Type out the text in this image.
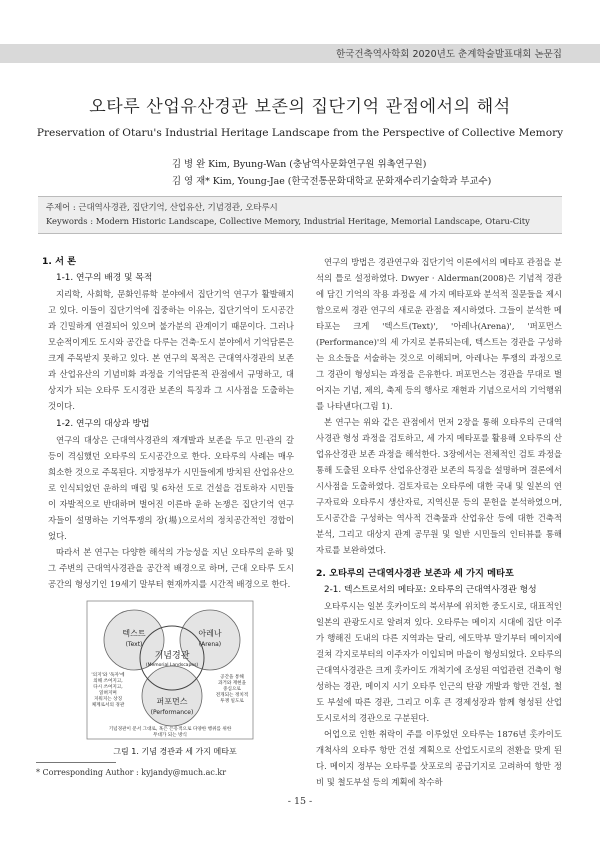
한국건축역사학회 2020년도 춘계학술발표대회 논문집
오타루 산업유산경관 보존의 집단기억 관점에서의 해석
Preservation of Otaru's Industrial Heritage Landscape from the Perspective of Collective Memory
김 병 완 Kim, Byung-Wan (충남역사문화연구원 위촉연구원)
김 영 재* Kim, Young-Jae (한국전통문화대학교 문화재수리기술학과 부교수)
주제어 : 근대역사경관, 집단기억, 산업유산, 기념경관, 오타루시
Keywords : Modern Historic Landscape, Collective Memory, Industrial Heritage, Memorial Landscape, Otaru-City
1. 서 론
1-1. 연구의 배경 및 목적

지리학, 사회학, 문화인류학 분야에서 집단기억 연구가 활발해지고 있다. 이들이 집단기억에 집중하는 이유는, 집단기억이 도시공간과 긴밀하게 연결되어 있으며 불가분의 관계이기 때문이다. 그러나 모순적이게도 도시와 공간을 다루는 건축·도시 분야에서 기억담론은 크게 주목받지 못하고 있다. 본 연구의 목적은 근대역사경관의 보존과 산업유산의 기념비화 과정을 기억담론적 관점에서 규명하고, 대상지가 되는 오타루 도시경관 보존의 특징과 그 시사점을 도출하는 것이다.

1-2. 연구의 대상과 방법

연구의 대상은 근대역사경관의 재개발과 보존을 두고 민·관의 갈등이 격심했던 오타루의 도시공간으로 한다. 오타루의 사례는 매우 희소한 것으로 주목된다. 지방정부가 시민들에게 방치된 산업유산으로 인식되었던 운하의 매립 및 6차선 도로 건설을 검토하자 시민들이 자발적으로 반대하며 벌어진 이른바 운하 논쟁은 집단기억 연구자들이 설명하는 기억투쟁의 장(場)으로서의 정치공간적인 경합이었다.

따라서 본 연구는 다양한 해석의 가능성을 지닌 오타루의 운하 및 그 주변의 근대역사경관을 공간적 배경으로 하며, 근대 오타루 도시공간의 형성기인 19세기 말부터 현재까지를 시간적 배경으로 한다.

텍스트
(Text)
아레나
(Arena)
기념경관
(Memorial Landscapes)
퍼포먼스
(Performance)
'의지'와 '독자'에
의해 쓰여지고,
다시 쓰여지고,
읽혀지며
지워지는 상징
체계로서의 경관
공간을 통해
과거와 재현을
중심으로
전개되는 정치적
투쟁 일도로
기념경관이 문서 그대로, 혹은 은유적으로 다양한 행위를 위한
무대가 되는 방식
그림 1. 기념 경관과 세 가지 메타포
* Corresponding Author : kyjandy@much.ac.kr

연구의 방법은 경관연구와 집단기억 이론에서의 메타포 관점을 분석의 틀로 설정하였다. Dwyer · Alderman(2008)은 기념적 경관에 담긴 기억의 작용 과정을 세 가지 메타포와 분석적 질문들을 제시함으로써 경관 연구의 새로운 관점을 제시하였다. 그들이 분석한 메타포는 크게 '텍스트(Text)', '아레나(Arena)', '퍼포먼스(Performance)'의 세 가지로 분류되는데, 텍스트는 경관을 구성하는 요소들을 서술하는 것으로 이해되며, 아레나는 투쟁의 과정으로 그 경관이 형성되는 과정을 은유한다. 퍼포먼스는 경관을 무대로 벌어지는 기념, 제의, 축제 등의 행사로 재현과 기념으로서의 기억행위를 나타낸다(그림 1).

본 연구는 위와 같은 관점에서 먼저 2장을 통해 오타루의 근대역사경관 형성 과정을 검토하고, 세 가지 메타포를 활용해 오타루의 산업유산경관 보존 과정을 해석한다. 3장에서는 전체적인 검토 과정을 통해 도출된 오타루 산업유산경관 보존의 특징을 설명하며 결론에서 시사점을 도출하였다. 검토자료는 오타루에 대한 국내 및 일본의 연구자료와 오타루시 생산자료, 지역신문 등의 문헌을 분석하였으며, 도시공간을 구성하는 역사적 건축물과 산업유산 등에 대한 건축적 분석, 그리고 대상지 관계 공무원 및 일반 시민들의 인터뷰를 통해 자료를 보완하였다.

2. 오타루의 근대역사경관 보존과 세 가지 메타포
2-1. 텍스트로서의 메타포: 오타루의 근대역사경관 형성

오타루시는 일본 홋카이도의 북서부에 위치한 중도시로, 대표적인 일본의 관광도시로 알려져 있다. 오타루는 메이지 시대에 집단 이주가 행해진 도내의 다른 지역과는 달리, 에도막부 말기부터 메이지에 걸쳐 각지로부터의 이주자가 이입되며 마을이 형성되었다. 오타루의 근대역사경관은 크게 홋카이도 개척기에 조성된 여업관련 건축이 형성하는 경관, 메이지 시기 오타루 인근의 탄광 개발과 항만 건설, 철도 부설에 따른 경관, 그리고 이후 큰 경제성장과 함께 형성된 산업도시로서의 경관으로 구분된다.

어업으로 인한 취락이 주를 이루었던 오타루는 1876년 홋카이도 개척사의 오타루 항만 건설 계획으로 산업도시로의 전환을 맞게 된다. 메이지 정부는 오타루를 삿포로의 공급기지로 고려하여 항만 정비 및 철도부설 등의 계획에 착수하

- 15 -
